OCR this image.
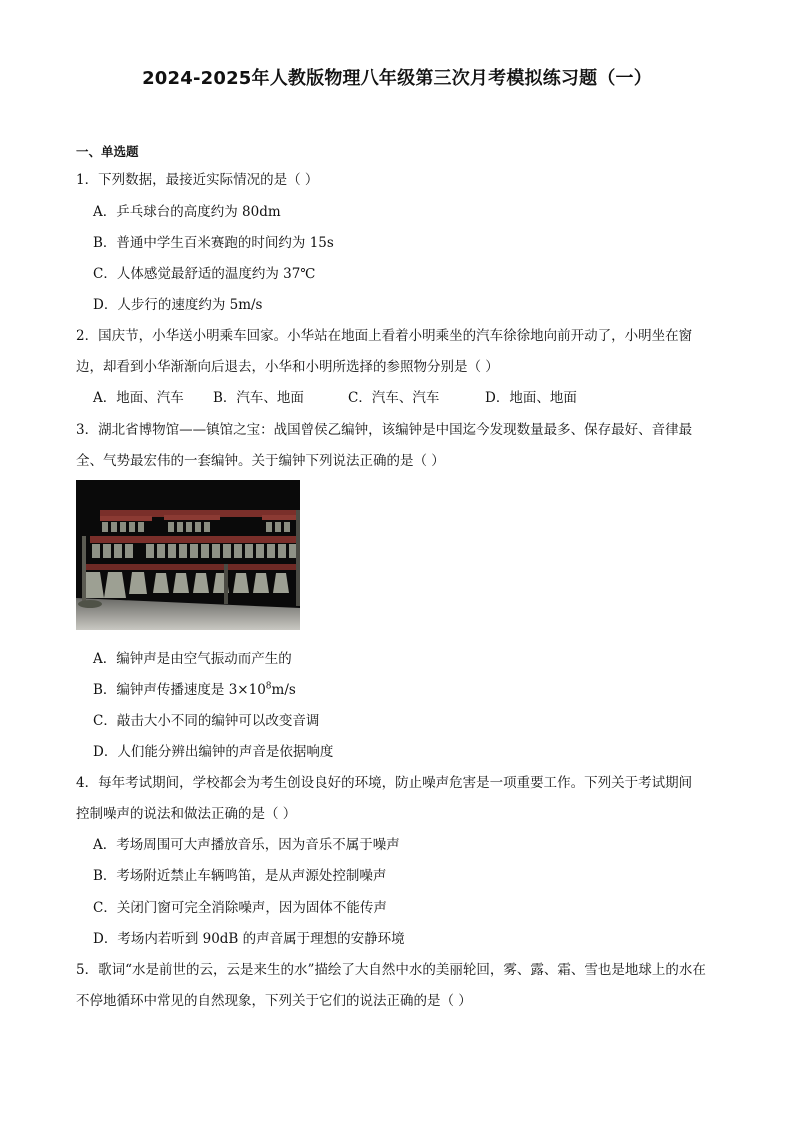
2024-2025年人教版物理八年级第三次月考模拟练习题（一）
一、单选题
1．下列数据，最接近实际情况的是（ ）
A．乒乓球台的高度约为 80dm
B．普通中学生百米赛跑的时间约为 15s
C．人体感觉最舒适的温度约为 37℃
D．人步行的速度约为 5m/s
2．国庆节，小华送小明乘车回家。小华站在地面上看着小明乘坐的汽车徐徐地向前开动了，小明坐在窗
边，却看到小华渐渐向后退去，小华和小明所选择的参照物分别是（ ）
A．地面、汽车 B．汽车、地面	C．汽车、汽车	D．地面、地面
3．湖北省博物馆——镇馆之宝：战国曾侯乙编钟，该编钟是中国迄今发现数量最多、保存最好、音律最
全、气势最宏伟的一套编钟。关于编钟下列说法正确的是（ ）
A．编钟声是由空气振动而产生的
B．编钟声传播速度是 $3\times 10^8m/s$
C．敲击大小不同的编钟可以改变音调
D．人们能分辨出编钟的声音是依据响度
4．每年考试期间，学校都会为考生创设良好的环境，防止噪声危害是一项重要工作。下列关于考试期间
控制噪声的说法和做法正确的是（ ）
A．考场周围可大声播放音乐，因为音乐不属于噪声
B．考场附近禁止车辆鸣笛，是从声源处控制噪声
C．关闭门窗可完全消除噪声，因为固体不能传声
D．考场内若听到 90dB 的声音属于理想的安静环境
5．歌词“水是前世的云，云是来生的水”描绘了大自然中水的美丽轮回，雾、露、霜、雪也是地球上的水在
不停地循环中常见的自然现象，下列关于它们的说法正确的是（ ）
